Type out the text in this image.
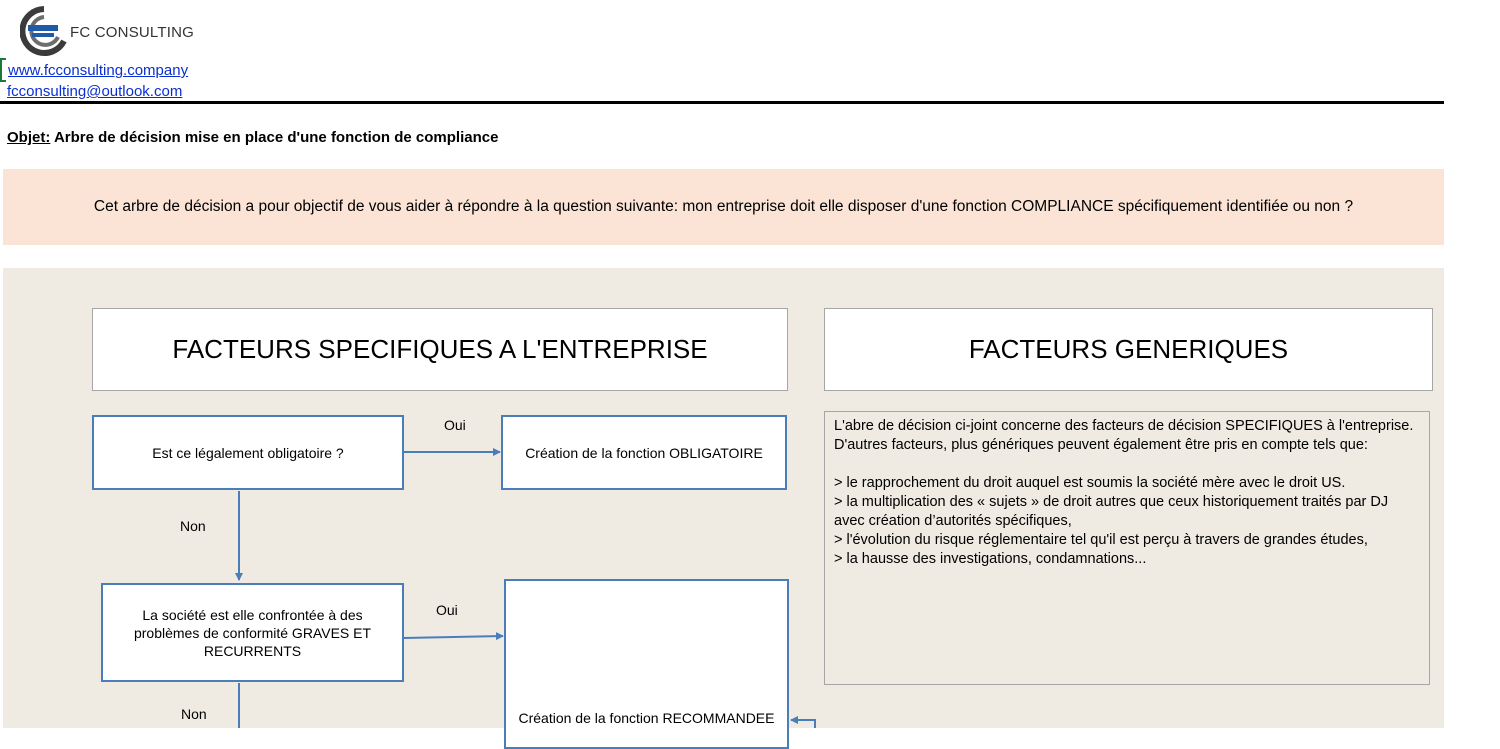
FC CONSULTING
www.fcconsulting.company
fcconsulting@outlook.com
Objet: Arbre de décision mise en place d'une fonction de compliance
Cet arbre de décision a pour objectif de vous aider à répondre à la question suivante: mon entreprise doit elle disposer d'une fonction COMPLIANCE spécifiquement identifiée ou non ?
FACTEURS SPECIFIQUES A L'ENTREPRISE	FACTEURS GENERIQUES
Est ce légalement obligatoire ?	Création de la fonction OBLIGATOIRE
La société est elle confrontée à des problèmes de conformité GRAVES ET RECURRENTS
Création de la fonction RECOMMANDEE
Oui
Non
Oui
Non

L'abre de décision ci-joint concerne des facteurs de décision SPECIFIQUES à l'entreprise.

D'autres facteurs, plus génériques peuvent également être pris en compte tels que:

> le rapprochement du droit auquel est soumis la société mère avec le droit US.

> la multiplication des « sujets » de droit autres que ceux historiquement traités par DJ avec création d’autorités spécifiques,

> l'évolution du risque réglementaire tel qu'il est perçu à travers de grandes études,

> la hausse des investigations, condamnations...
